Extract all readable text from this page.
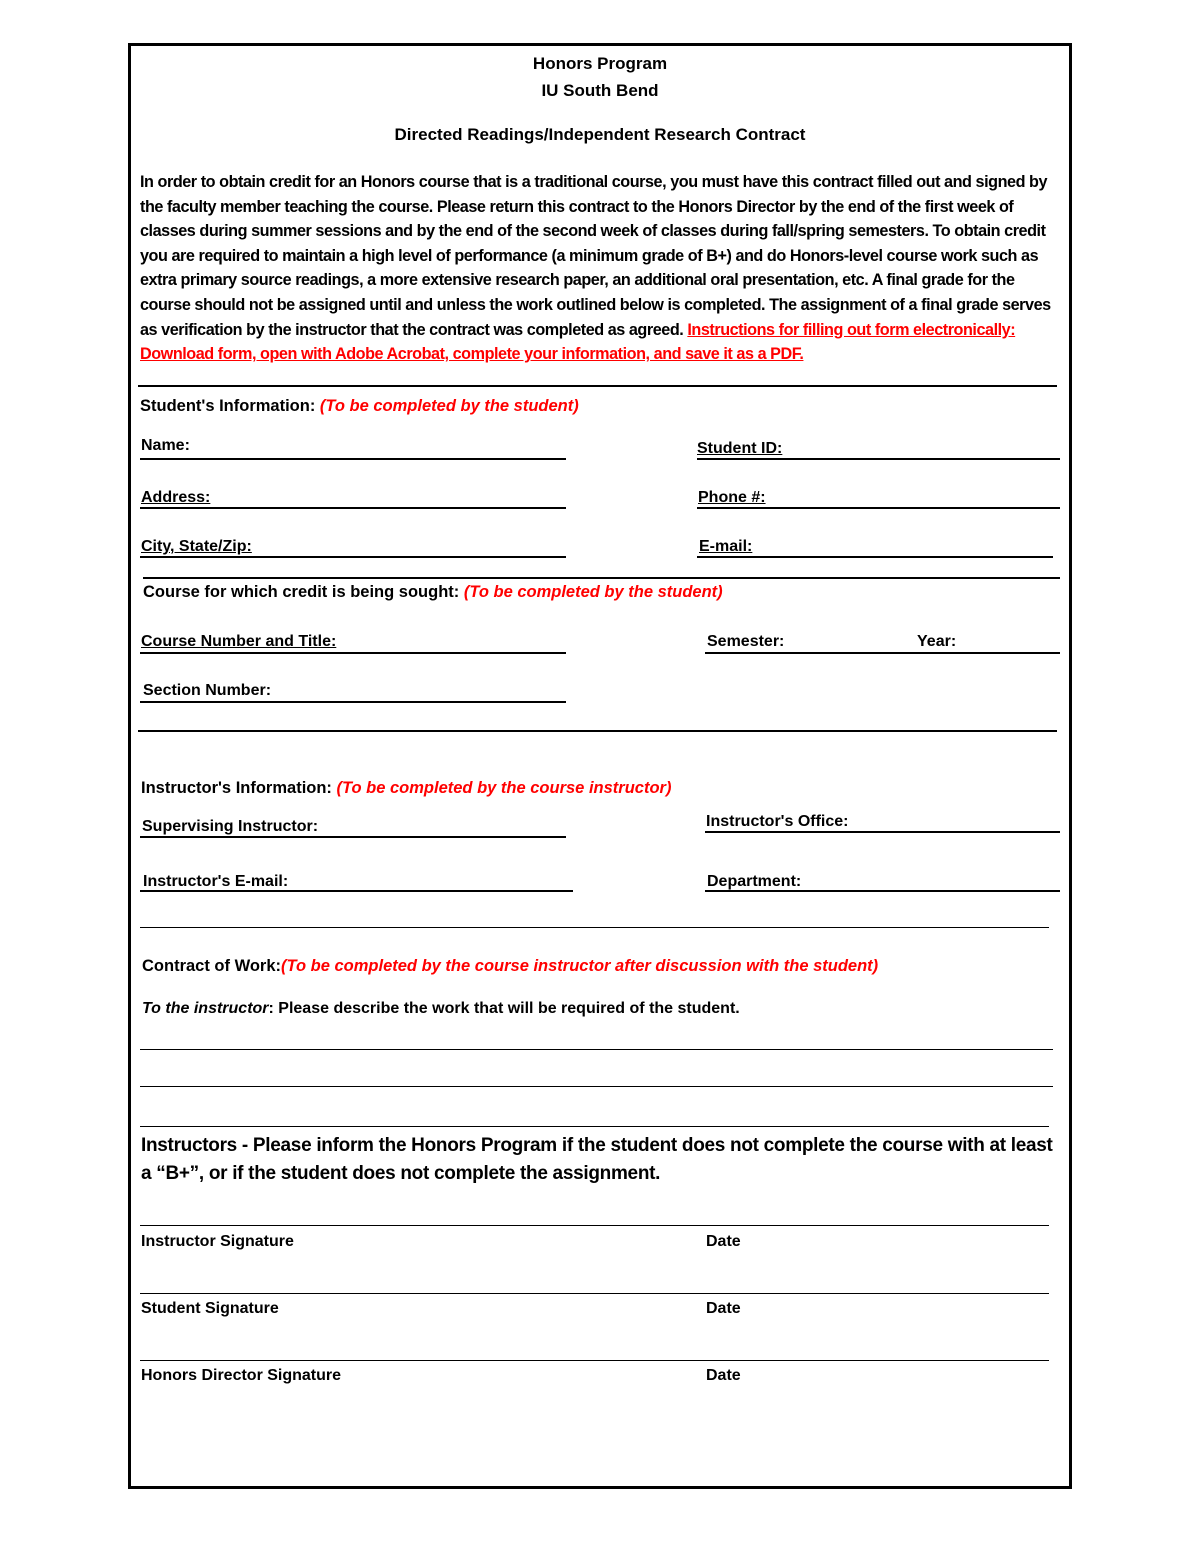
Honors Program
IU South Bend
Directed Readings/Independent Research Contract

In order to obtain credit for an Honors course that is a traditional course, you must have this contract filled out and signed by the faculty member teaching the course. Please return this contract to the Honors Director by the end of the first week of classes during summer sessions and by the end of the second week of classes during fall/spring semesters. To obtain credit you are required to maintain a high level of performance (a minimum grade of B+) and do Honors-level course work such as extra primary source readings, a more extensive research paper, an additional oral presentation, etc. A final grade for the course should not be assigned until and unless the work outlined below is completed. The assignment of a final grade serves as verification by the instructor that the contract was completed as agreed. Instructions for filling out form electronically: Download form, open with Adobe Acrobat, complete your information, and save it as a PDF.

Student's Information: (To be completed by the student)
Name:	Student ID:
Address:	Phone #:
City, State/Zip:	E-mail:
Course for which credit is being sought: (To be completed by the student)
Course Number and Title:	Semester:	Year:
Section Number:
Instructor's Information: (To be completed by the course instructor)
Supervising Instructor:	Instructor's Office:
Instructor's E-mail:	Department:
Contract of Work:(To be completed by the course instructor after discussion with the student)
To the instructor: Please describe the work that will be required of the student.
Instructors - Please inform the Honors Program if the student does not complete the course with at least a “B+”, or if the student does not complete the assignment.
Instructor Signature	Date
Student Signature	Date
Honors Director Signature	Date
